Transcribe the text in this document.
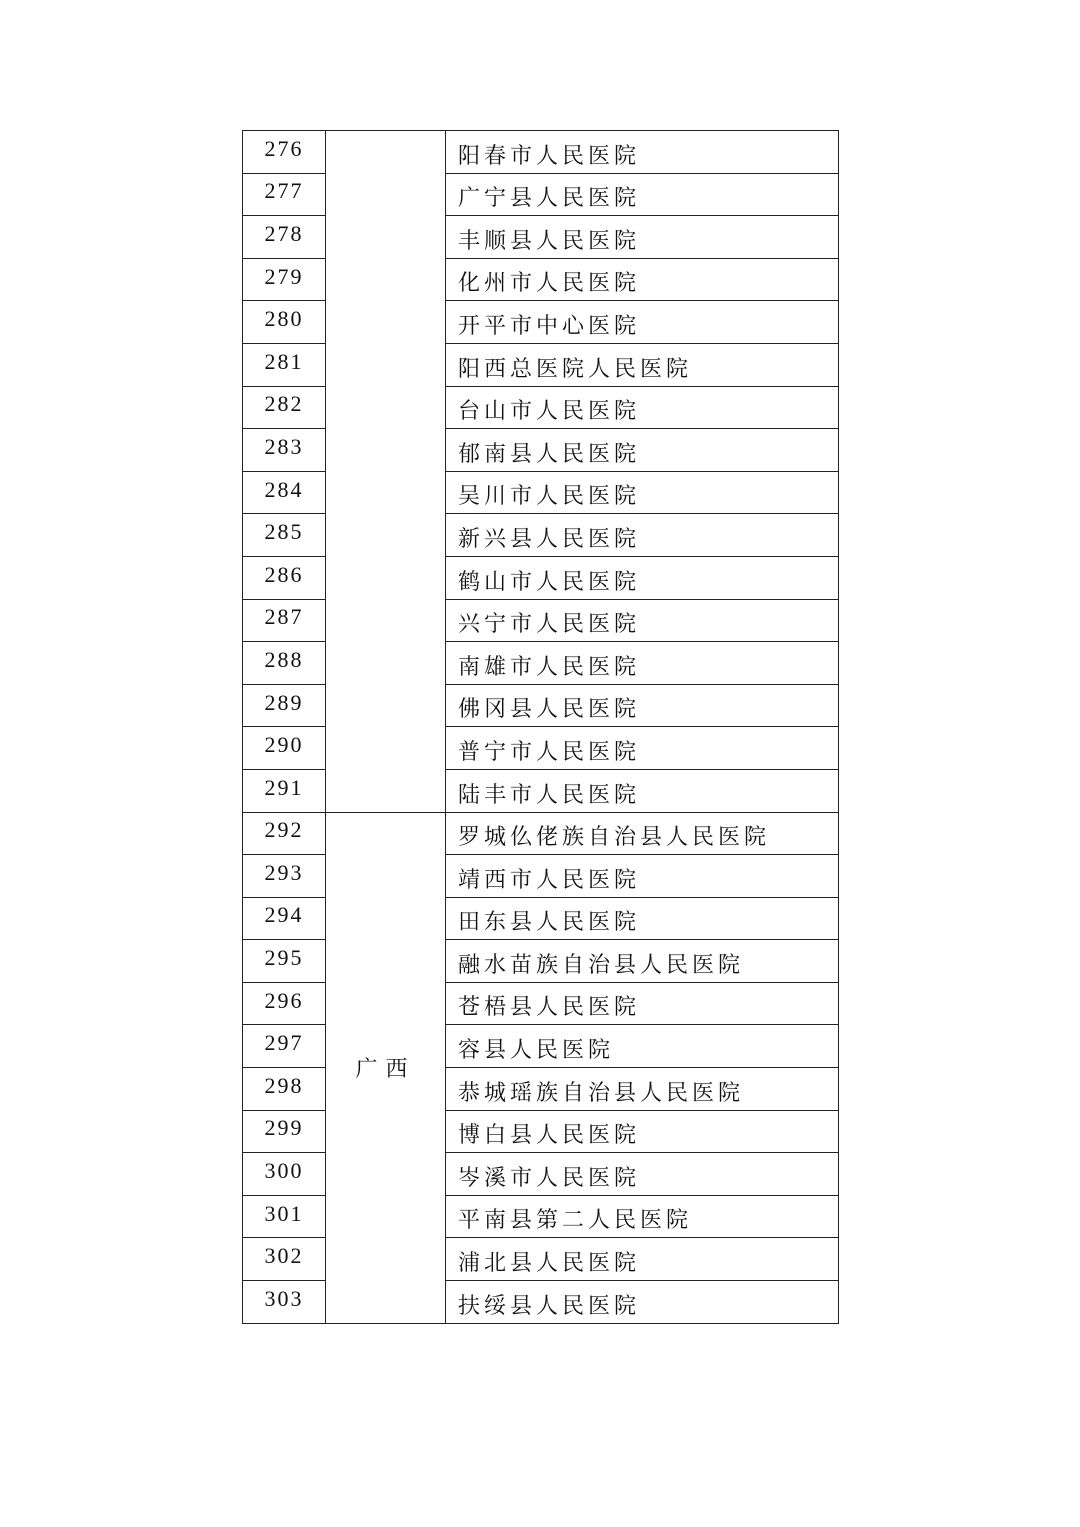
276		阳春市人民医院
277		广宁县人民医院
278		丰顺县人民医院
279		化州市人民医院
280		开平市中心医院
281		阳西总医院人民医院
282		台山市人民医院
283		郁南县人民医院
284		吴川市人民医院
285		新兴县人民医院
286		鹤山市人民医院
287		兴宁市人民医院
288		南雄市人民医院
289		佛冈县人民医院
290		普宁市人民医院
291		陆丰市人民医院
292	广西	罗城仫佬族自治县人民医院
293		靖西市人民医院
294		田东县人民医院
295		融水苗族自治县人民医院
296		苍梧县人民医院
297		容县人民医院
298		恭城瑶族自治县人民医院
299		博白县人民医院
300		岑溪市人民医院
301		平南县第二人民医院
302		浦北县人民医院
303		扶绥县人民医院
